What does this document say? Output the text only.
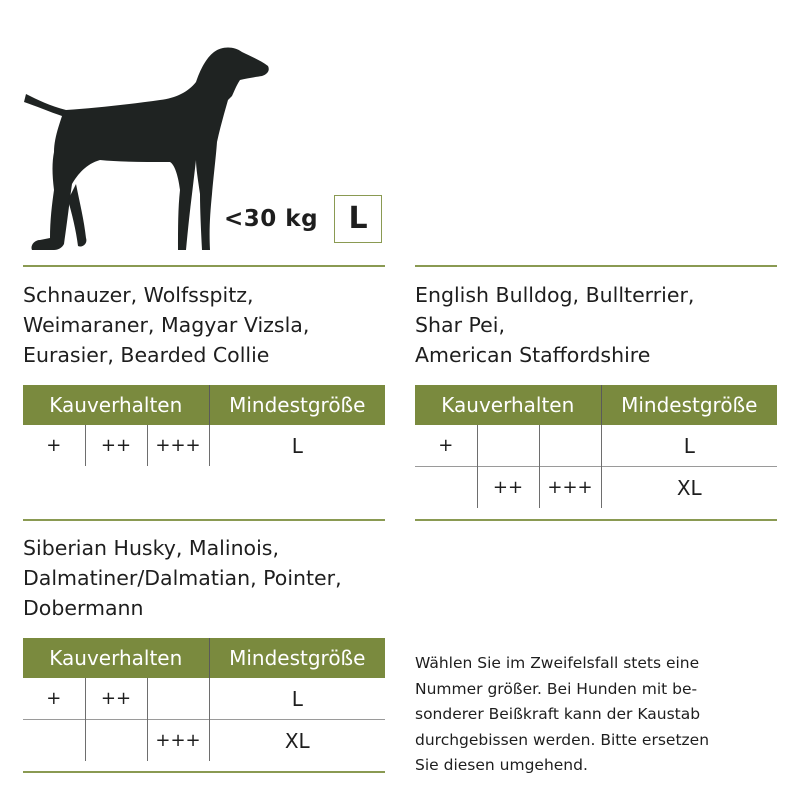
<30 kg	L
Schnauzer, Wolfsspitz,
Weimaraner, Magyar Vizsla,
Eurasier, Bearded Collie
Kauverhalten			Mindestgröße
+	++	+++	L
English Bulldog, Bullterrier,
Shar Pei,
American Staffordshire
Kauverhalten			Mindestgröße
+			L
	++	+++	XL
Siberian Husky, Malinois,
Dalmatiner/Dalmatian, Pointer,
Dobermann
Kauverhalten			Mindestgröße
+	++		L
		+++	XL
Wählen Sie im Zweifelsfall stets eine
Nummer größer. Bei Hunden mit be-
sonderer Beißkraft kann der Kaustab
durchgebissen werden. Bitte ersetzen
Sie diesen umgehend.
